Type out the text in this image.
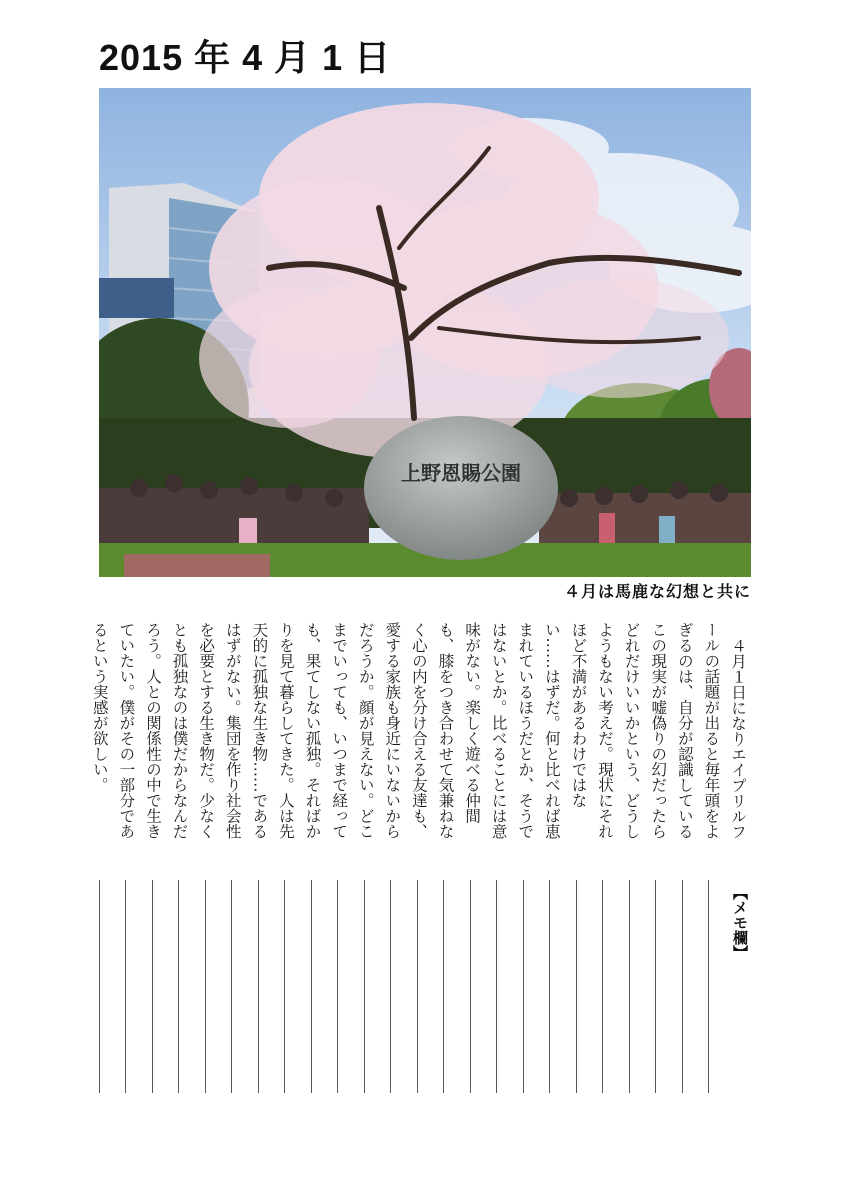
2015 年 4 月 1 日
上野恩賜公園
４月は馬鹿な幻想と共に

４月１日になりエイプリルフールの話題が出ると毎年頭をよぎるのは、自分が認識しているこの現実が嘘偽りの幻だったらどれだけいいかという、どうしようもない考えだ。現状にそれほど不満があるわけではない……はずだ。何と比べれば恵まれているほうだとか、そうではないとか。比べることには意味がない。楽しく遊べる仲間も、膝をつき合わせて気兼ねなく心の内を分け合える友達も、愛する家族も身近にいないからだろうか。顔が見えない。どこまでいっても、いつまで経っても、果てしない孤独。そればかりを見て暮らしてきた。人は先天的に孤独な生き物……であるはずがない。集団を作り社会性を必要とする生き物だ。少なくとも孤独なのは僕だからなんだろう。人との関係性の中で生きていたい。僕がその一部分であるという実感が欲しい。

【メモ欄】
